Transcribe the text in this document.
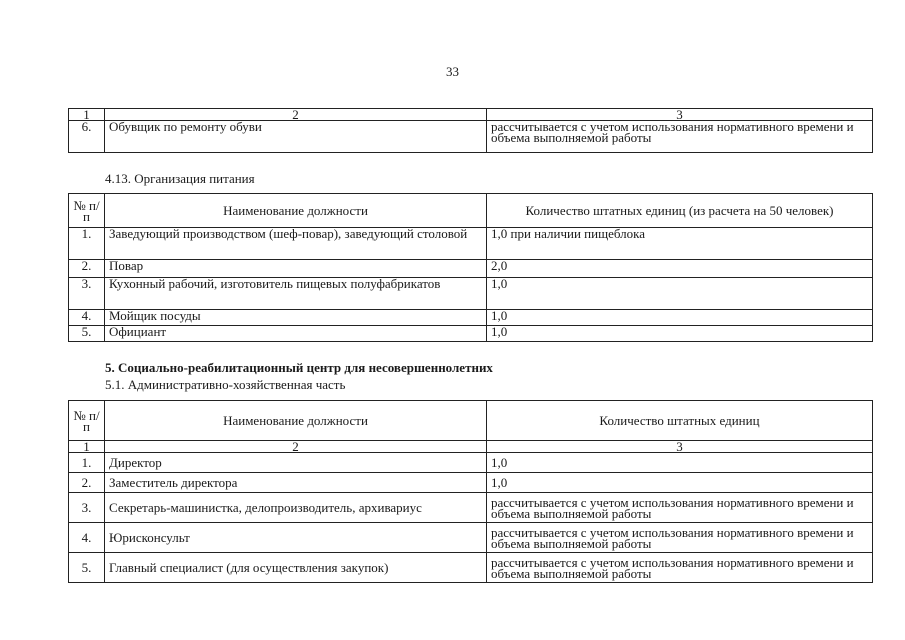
33
1	2	3
6.	Обувщик по ремонту обуви	рассчитывается с учетом использования нормативного времени и объема выполняемой работы
4.13. Организация питания
№ п/п	Наименование должности	Количество штатных единиц (из расчета на 50 человек)
1.	Заведующий производством (шеф-повар), заведующий столовой	1,0 при наличии пищеблока
2.	Повар	2,0
3.	Кухонный рабочий, изготовитель пищевых полуфабрикатов	1,0
4.	Мойщик посуды	1,0
5.	Официант	1,0
5. Социально-реабилитационный центр для несовершеннолетних
5.1. Административно-хозяйственная часть
№ п/п	Наименование должности	Количество штатных единиц
1	2	3
1.	Директор	1,0
2.	Заместитель директора	1,0
3.	Секретарь-машинистка, делопроизводитель, архивариус	рассчитывается с учетом использования нормативного времени и объема выполняемой работы
4.	Юрисконсульт	рассчитывается с учетом использования нормативного времени и объема выполняемой работы
5.	Главный специалист (для осуществления закупок)	рассчитывается с учетом использования нормативного времени и объема выполняемой работы
